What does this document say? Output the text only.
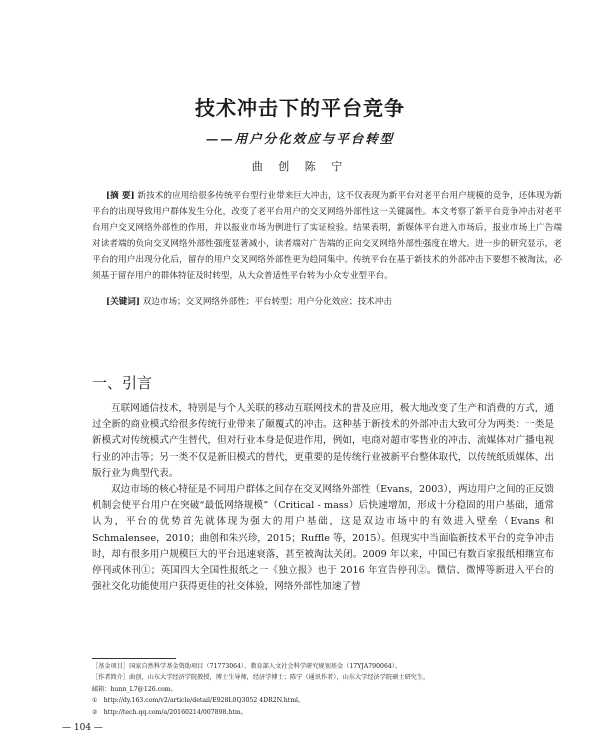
技术冲击下的平台竞争
——用户分化效应与平台转型
曲 创 陈 宁
[摘 要] 新技术的应用给很多传统平台型行业带来巨大冲击，这不仅表现为新平台对老平台用户规模的竞争，还体现为新平台的出现导致用户群体发生分化，改变了老平台用户的交叉网络外部性这一关键属性。本文考察了新平台竞争冲击对老平台用户交叉网络外部性的作用，并以报业市场为例进行了实证检验。结果表明，新媒体平台进入市场后，报业市场上广告端对读者端的负向交叉网络外部性强度显著减小，读者端对广告端的正向交叉网络外部性强度在增大。进一步的研究显示，老平台的用户出现分化后，留存的用户交叉网络外部性更为趋同集中。传统平台在基于新技术的外部冲击下要想不被淘汰，必须基于留存用户的群体特征及时转型，从大众普适性平台转为小众专业型平台。
[关键词] 双边市场；交叉网络外部性；平台转型；用户分化效应；技术冲击
一、引言

互联网通信技术，特别是与个人关联的移动互联网技术的普及应用，极大地改变了生产和消费的方式，通过全新的商业模式给很多传统行业带来了颠覆式的冲击。这种基于新技术的外部冲击大致可分为两类：一类是新模式对传统模式产生替代，但对行业本身是促进作用，例如，电商对超市零售业的冲击、流媒体对广播电视行业的冲击等；另一类不仅是新旧模式的替代，更重要的是传统行业被新平台整体取代，以传统纸质媒体、出版行业为典型代表。

双边市场的核心特征是不同用户群体之间存在交叉网络外部性（Evans，2003），两边用户之间的正反馈机制会使平台用户在突破“最低网络规模”（Critical - mass）后快速增加，形成十分稳固的用户基础，通常认为，平台的优势首先就体现为强大的用户基础，这是双边市场中的有效进入壁垒（Evans 和 Schmalensee，2010；曲创和朱兴珍，2015；Ruffle 等，2015）。但现实中当面临新技术平台的竞争冲击时，却有很多用户规模巨大的平台迅速衰落，甚至被淘汰关闭。2009 年以来，中国已有数百家报纸相继宣布停刊或休刊①；英国四大全国性报纸之一《独立报》也于 2016 年宣告停刊②。微信、微博等新进入平台的强社交化功能使用户获得更佳的社交体验，网络外部性加速了替

［基金项目］国家自然科学基金资助项目（71773064）、教育部人文社会科学研究规划基金（17YJA790064）。
［作者简介］曲创，山东大学经济学院教授，博士生导师，经济学博士；陈宁（通讯作者），山东大学经济学院硕士研究生，
邮箱：hunn_L7@126.com。
①　http://dy.163.com/v2/article/detail/E928L0Q3052 4DR2N.html。
②　http://tech.qq.com/a/20160214/007898.htm。
— 104 —
